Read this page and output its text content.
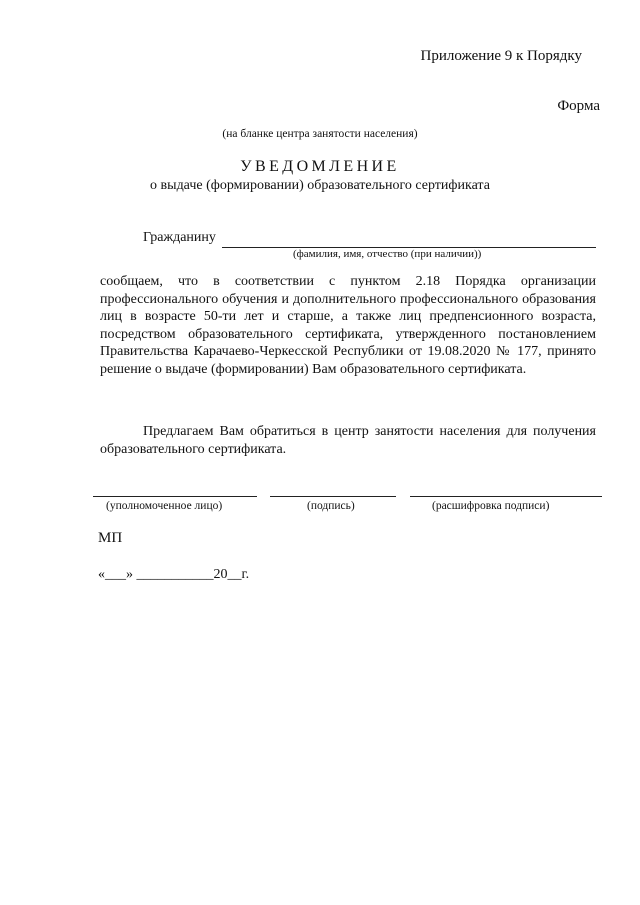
Приложение 9 к Порядку
Форма
(на бланке центра занятости населения)
УВЕДОМЛЕНИЕ
о выдаче (формировании) образовательного сертификата
Гражданину
(фамилия, имя, отчество (при наличии))
сообщаем, что в соответствии с пунктом 2.18 Порядка организации профессионального обучения и дополнительного профессионального образования лиц в возрасте 50-ти лет и старше, а также лиц предпенсионного возраста, посредством образовательного сертификата, утвержденного постановлением Правительства Карачаево-Черкесской Республики от 19.08.2020 № 177, принято решение о выдаче (формировании) Вам образовательного сертификата.
Предлагаем Вам обратиться в центр занятости населения для получения образовательного сертификата.
(уполномоченное лицо)	(подпись)	(расшифровка подписи)
МП
«___» ___________20__г.
